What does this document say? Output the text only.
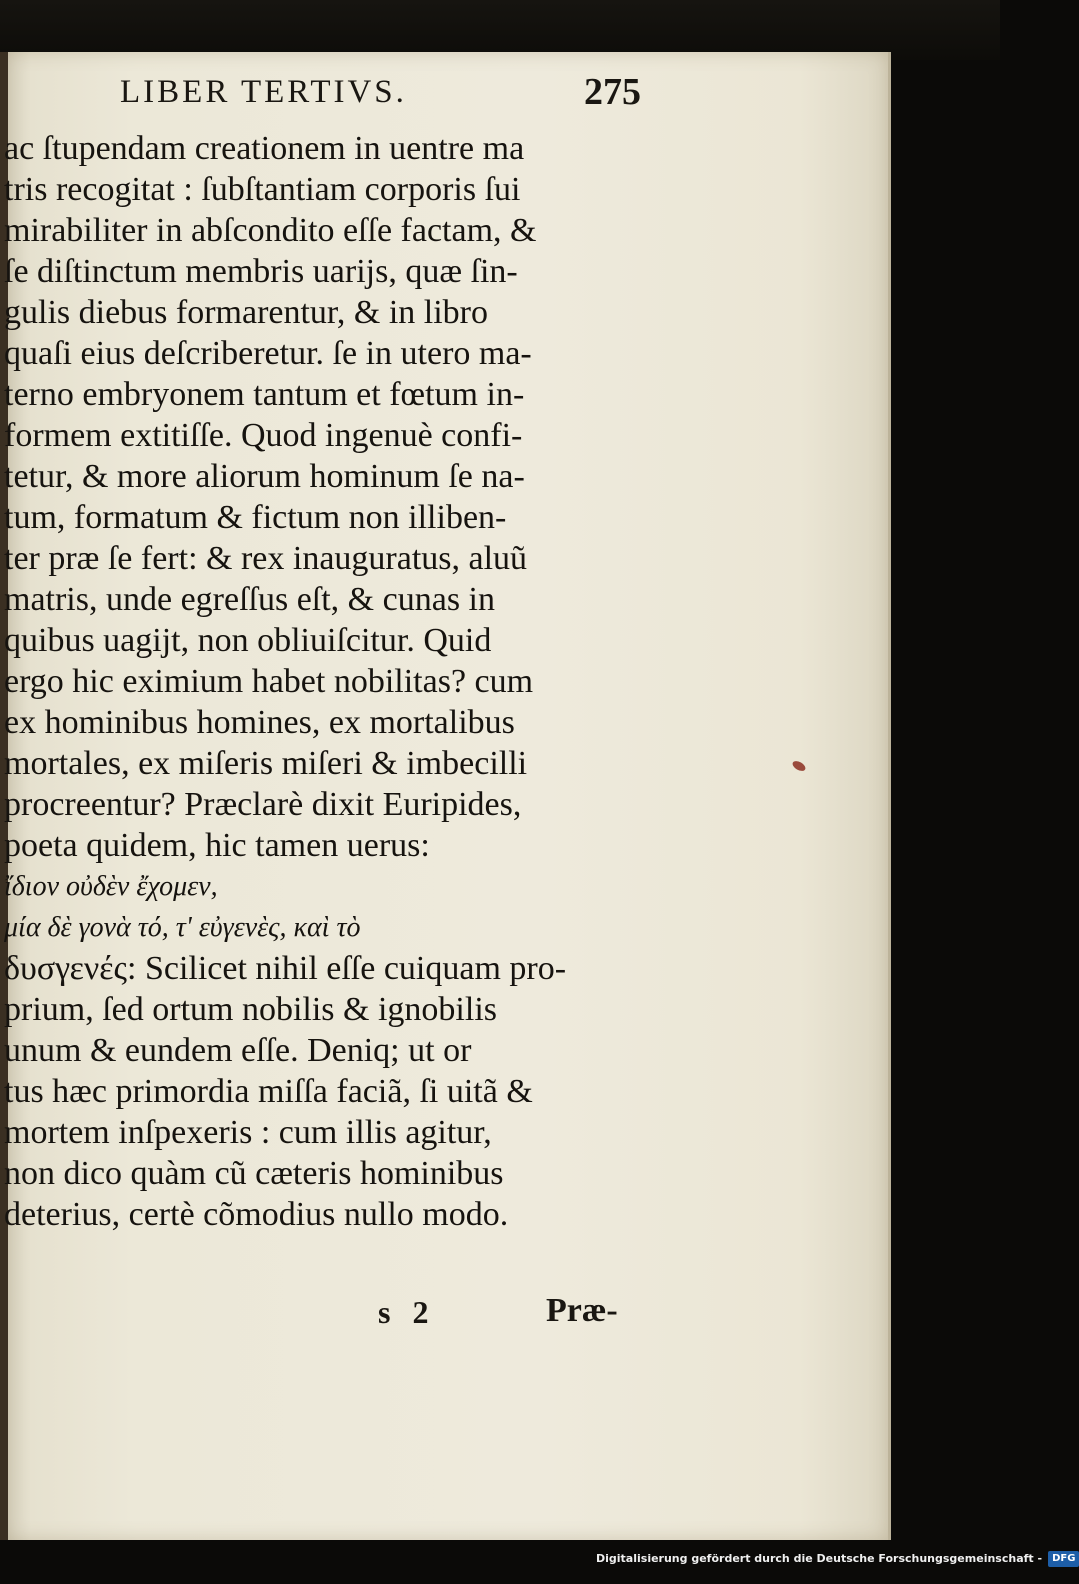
LIBER TERTIVS.	275
ac ſtupendam creationem in uentre ma
tris recogitat : ſubſtantiam corporis ſui
mirabiliter in abſcondito eſſe factam, &
ſe diſtinctum membris uarijs, quæ ſin-
gulis diebus formarentur, & in libro
quaſi eius deſcriberetur. ſe in utero ma-
terno embryonem tantum et fœtum in-
formem extitiſſe. Quod ingenuè confi-
tetur, & more aliorum hominum ſe na-
tum, formatum & fictum non illiben-
ter præ ſe fert: & rex inauguratus, aluũ
matris, unde egreſſus eſt, & cunas in
quibus uagijt, non obliuiſcitur. Quid
ergo hic eximium habet nobilitas? cum
ex hominibus homines, ex mortalibus
mortales, ex miſeris miſeri & imbecilli
procreentur? Præclarè dixit Euripides,
poeta quidem, hic tamen uerus:
ἴδιον οὐδὲν ἔχομεν,
μία δὲ γονὰ τό, τ' εὐγενὲς, καὶ τὸ
δυσγενές: Scilicet nihil eſſe cuiquam pro-
prium, ſed ortum nobilis & ignobilis
unum & eundem eſſe. Deniq; ut or
tus hæc primordia miſſa faciã, ſi uitã &
mortem inſpexeris : cum illis agitur,
non dico quàm cũ cæteris hominibus
deterius, certè cõmodius nullo modo.
s 2	Præ-
Digitalisierung gefördert durch die Deutsche Forschungsgemeinschaft - DFG
